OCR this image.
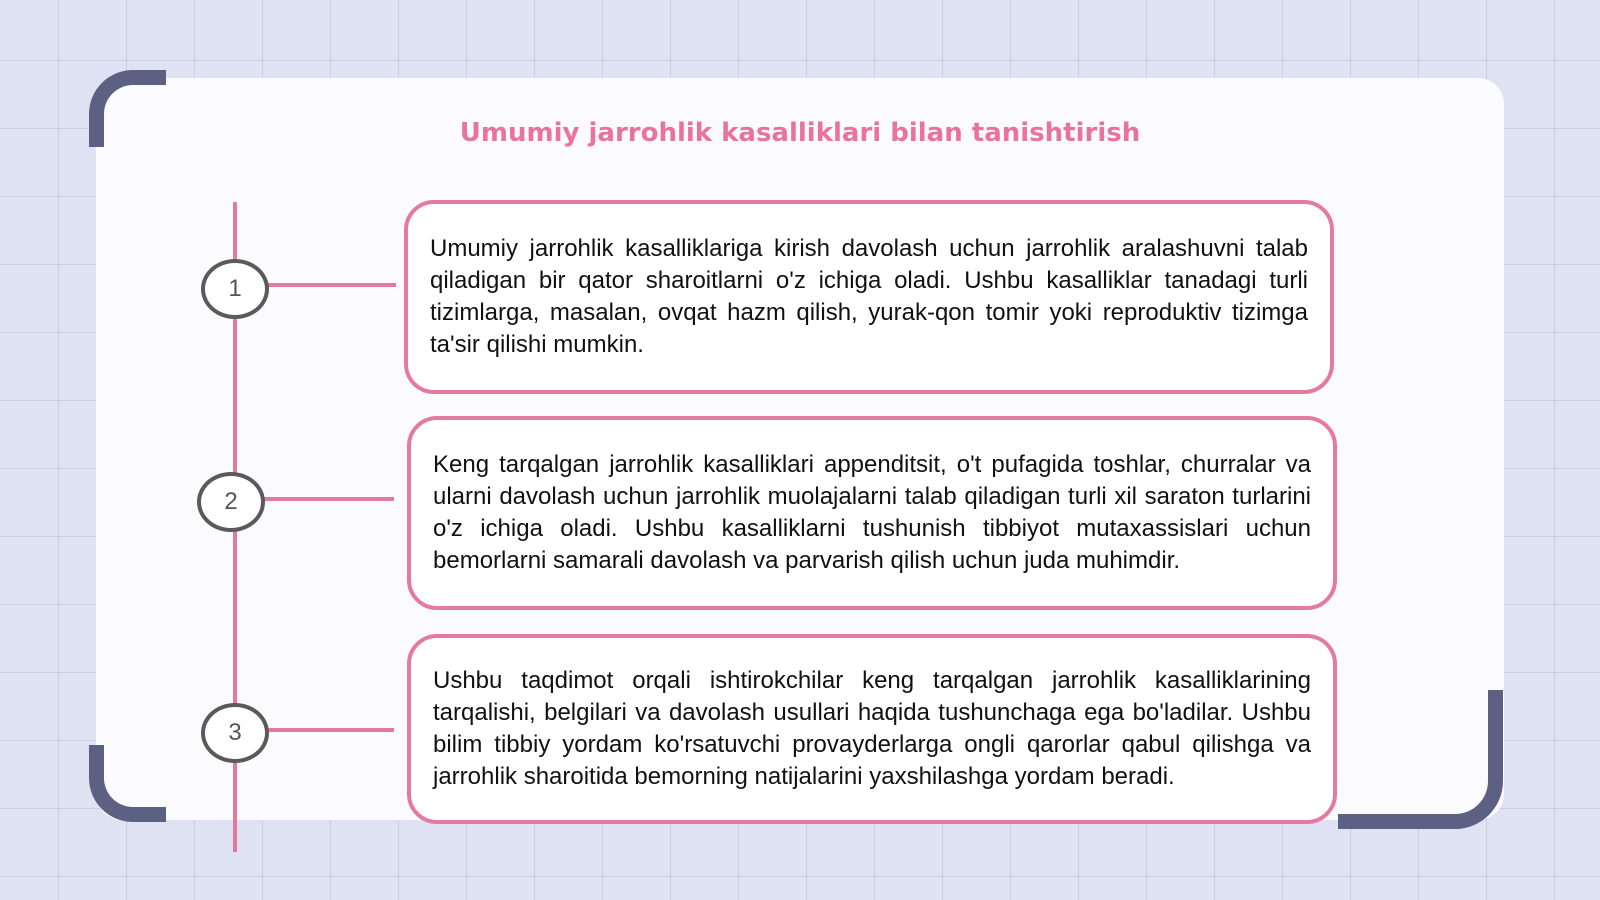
Umumiy jarrohlik kasalliklari bilan tanishtirish
1

Umumiy jarrohlik kasalliklariga kirish davolash uchun jarrohlik aralashuvni talab qiladigan bir qator sharoitlarni o'z ichiga oladi. Ushbu kasalliklar tanadagi turli tizimlarga, masalan, ovqat hazm qilish, yurak-qon tomir yoki reproduktiv tizimga ta'sir qilishi mumkin.

2

Keng tarqalgan jarrohlik kasalliklari appenditsit, o't pufagida toshlar, churralar va ularni davolash uchun jarrohlik muolajalarni talab qiladigan turli xil saraton turlarini o'z ichiga oladi. Ushbu kasalliklarni tushunish tibbiyot mutaxassislari uchun bemorlarni samarali davolash va parvarish qilish uchun juda muhimdir.

3

Ushbu taqdimot orqali ishtirokchilar keng tarqalgan jarrohlik kasalliklarining tarqalishi, belgilari va davolash usullari haqida tushunchaga ega bo'ladilar. Ushbu bilim tibbiy yordam ko'rsatuvchi provayderlarga ongli qarorlar qabul qilishga va jarrohlik sharoitida bemorning natijalarini yaxshilashga yordam beradi.
